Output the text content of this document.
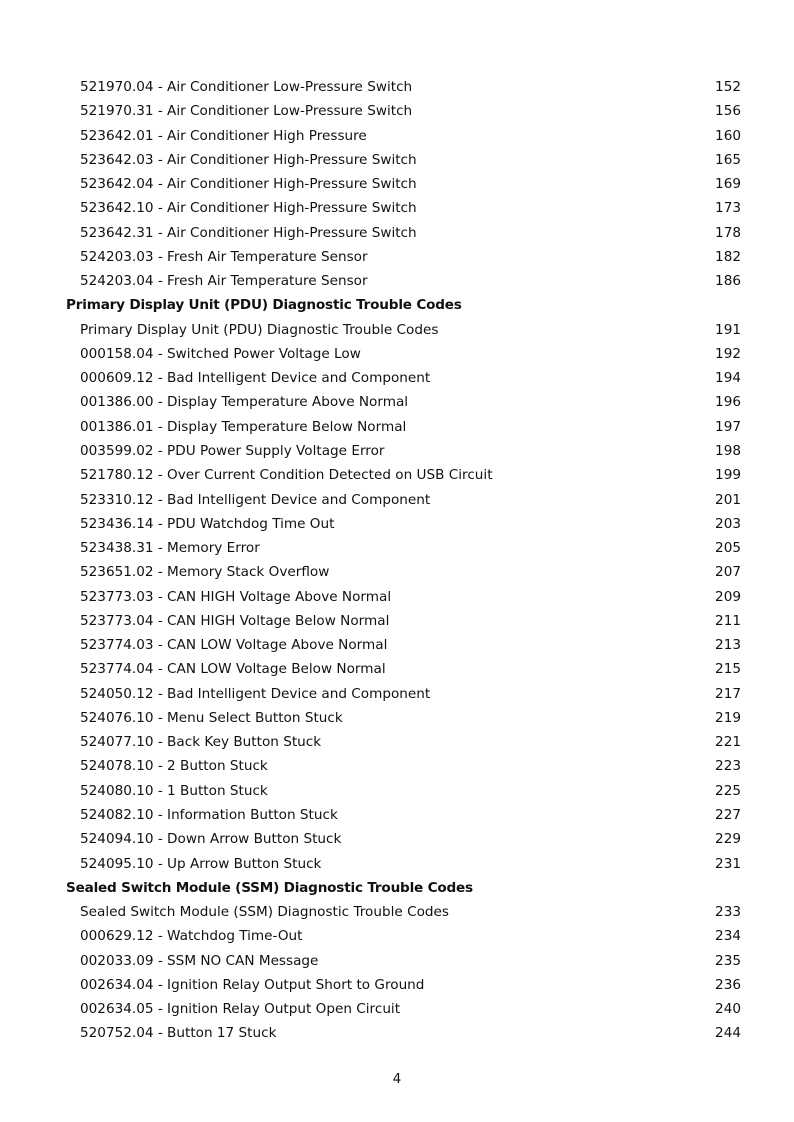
521970.04 - Air Conditioner Low-Pressure Switch	152
521970.31 - Air Conditioner Low-Pressure Switch	156
523642.01 - Air Conditioner High Pressure	160
523642.03 - Air Conditioner High-Pressure Switch	165
523642.04 - Air Conditioner High-Pressure Switch	169
523642.10 - Air Conditioner High-Pressure Switch	173
523642.31 - Air Conditioner High-Pressure Switch	178
524203.03 - Fresh Air Temperature Sensor	182
524203.04 - Fresh Air Temperature Sensor	186
Primary Display Unit (PDU) Diagnostic Trouble Codes
Primary Display Unit (PDU) Diagnostic Trouble Codes	191
000158.04 - Switched Power Voltage Low	192
000609.12 - Bad Intelligent Device and Component	194
001386.00 - Display Temperature Above Normal	196
001386.01 - Display Temperature Below Normal	197
003599.02 - PDU Power Supply Voltage Error	198
521780.12 - Over Current Condition Detected on USB Circuit	199
523310.12 - Bad Intelligent Device and Component	201
523436.14 - PDU Watchdog Time Out	203
523438.31 - Memory Error	205
523651.02 - Memory Stack Overflow	207
523773.03 - CAN HIGH Voltage Above Normal	209
523773.04 - CAN HIGH Voltage Below Normal	211
523774.03 - CAN LOW Voltage Above Normal	213
523774.04 - CAN LOW Voltage Below Normal	215
524050.12 - Bad Intelligent Device and Component	217
524076.10 - Menu Select Button Stuck	219
524077.10 - Back Key Button Stuck	221
524078.10 - 2 Button Stuck	223
524080.10 - 1 Button Stuck	225
524082.10 - Information Button Stuck	227
524094.10 - Down Arrow Button Stuck	229
524095.10 - Up Arrow Button Stuck	231
Sealed Switch Module (SSM) Diagnostic Trouble Codes
Sealed Switch Module (SSM) Diagnostic Trouble Codes	233
000629.12 - Watchdog Time-Out	234
002033.09 - SSM NO CAN Message	235
002634.04 - Ignition Relay Output Short to Ground	236
002634.05 - Ignition Relay Output Open Circuit	240
520752.04 - Button 17 Stuck	244
4
